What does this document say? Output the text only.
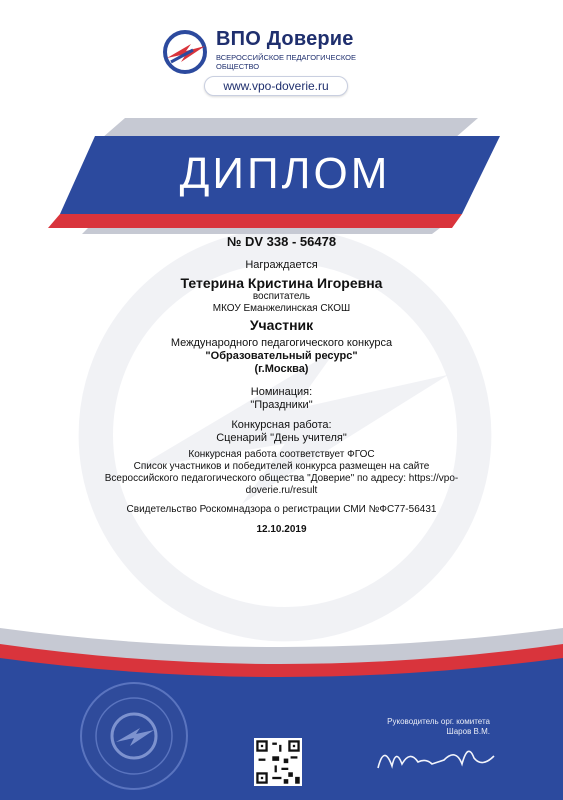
ВПО Доверие
ВСЕРОССИЙСКОЕ ПЕДАГОГИЧЕСКОЕ ОБЩЕСТВО
www.vpo-doverie.ru
ДИПЛОМ
№ DV 338 - 56478
Награждается
Тетерина Кристина Игоревна
воспитатель
МКОУ Еманжелинская СКОШ
Участник
Международного педагогического конкурса
"Образовательный ресурс"
(г.Москва)
Номинация:
"Праздники"
Конкурсная работа:
Сценарий "День учителя"
Конкурсная работа соответствует ФГОС
Список участников и победителей конкурса размещен на сайте
Всероссийского педагогического общества "Доверие" по адресу: https://vpo-
doverie.ru/result
Свидетельство Роскомнадзора о регистрации СМИ №ФС77-56431
12.10.2019
Руководитель орг. комитета
Шаров В.М.
